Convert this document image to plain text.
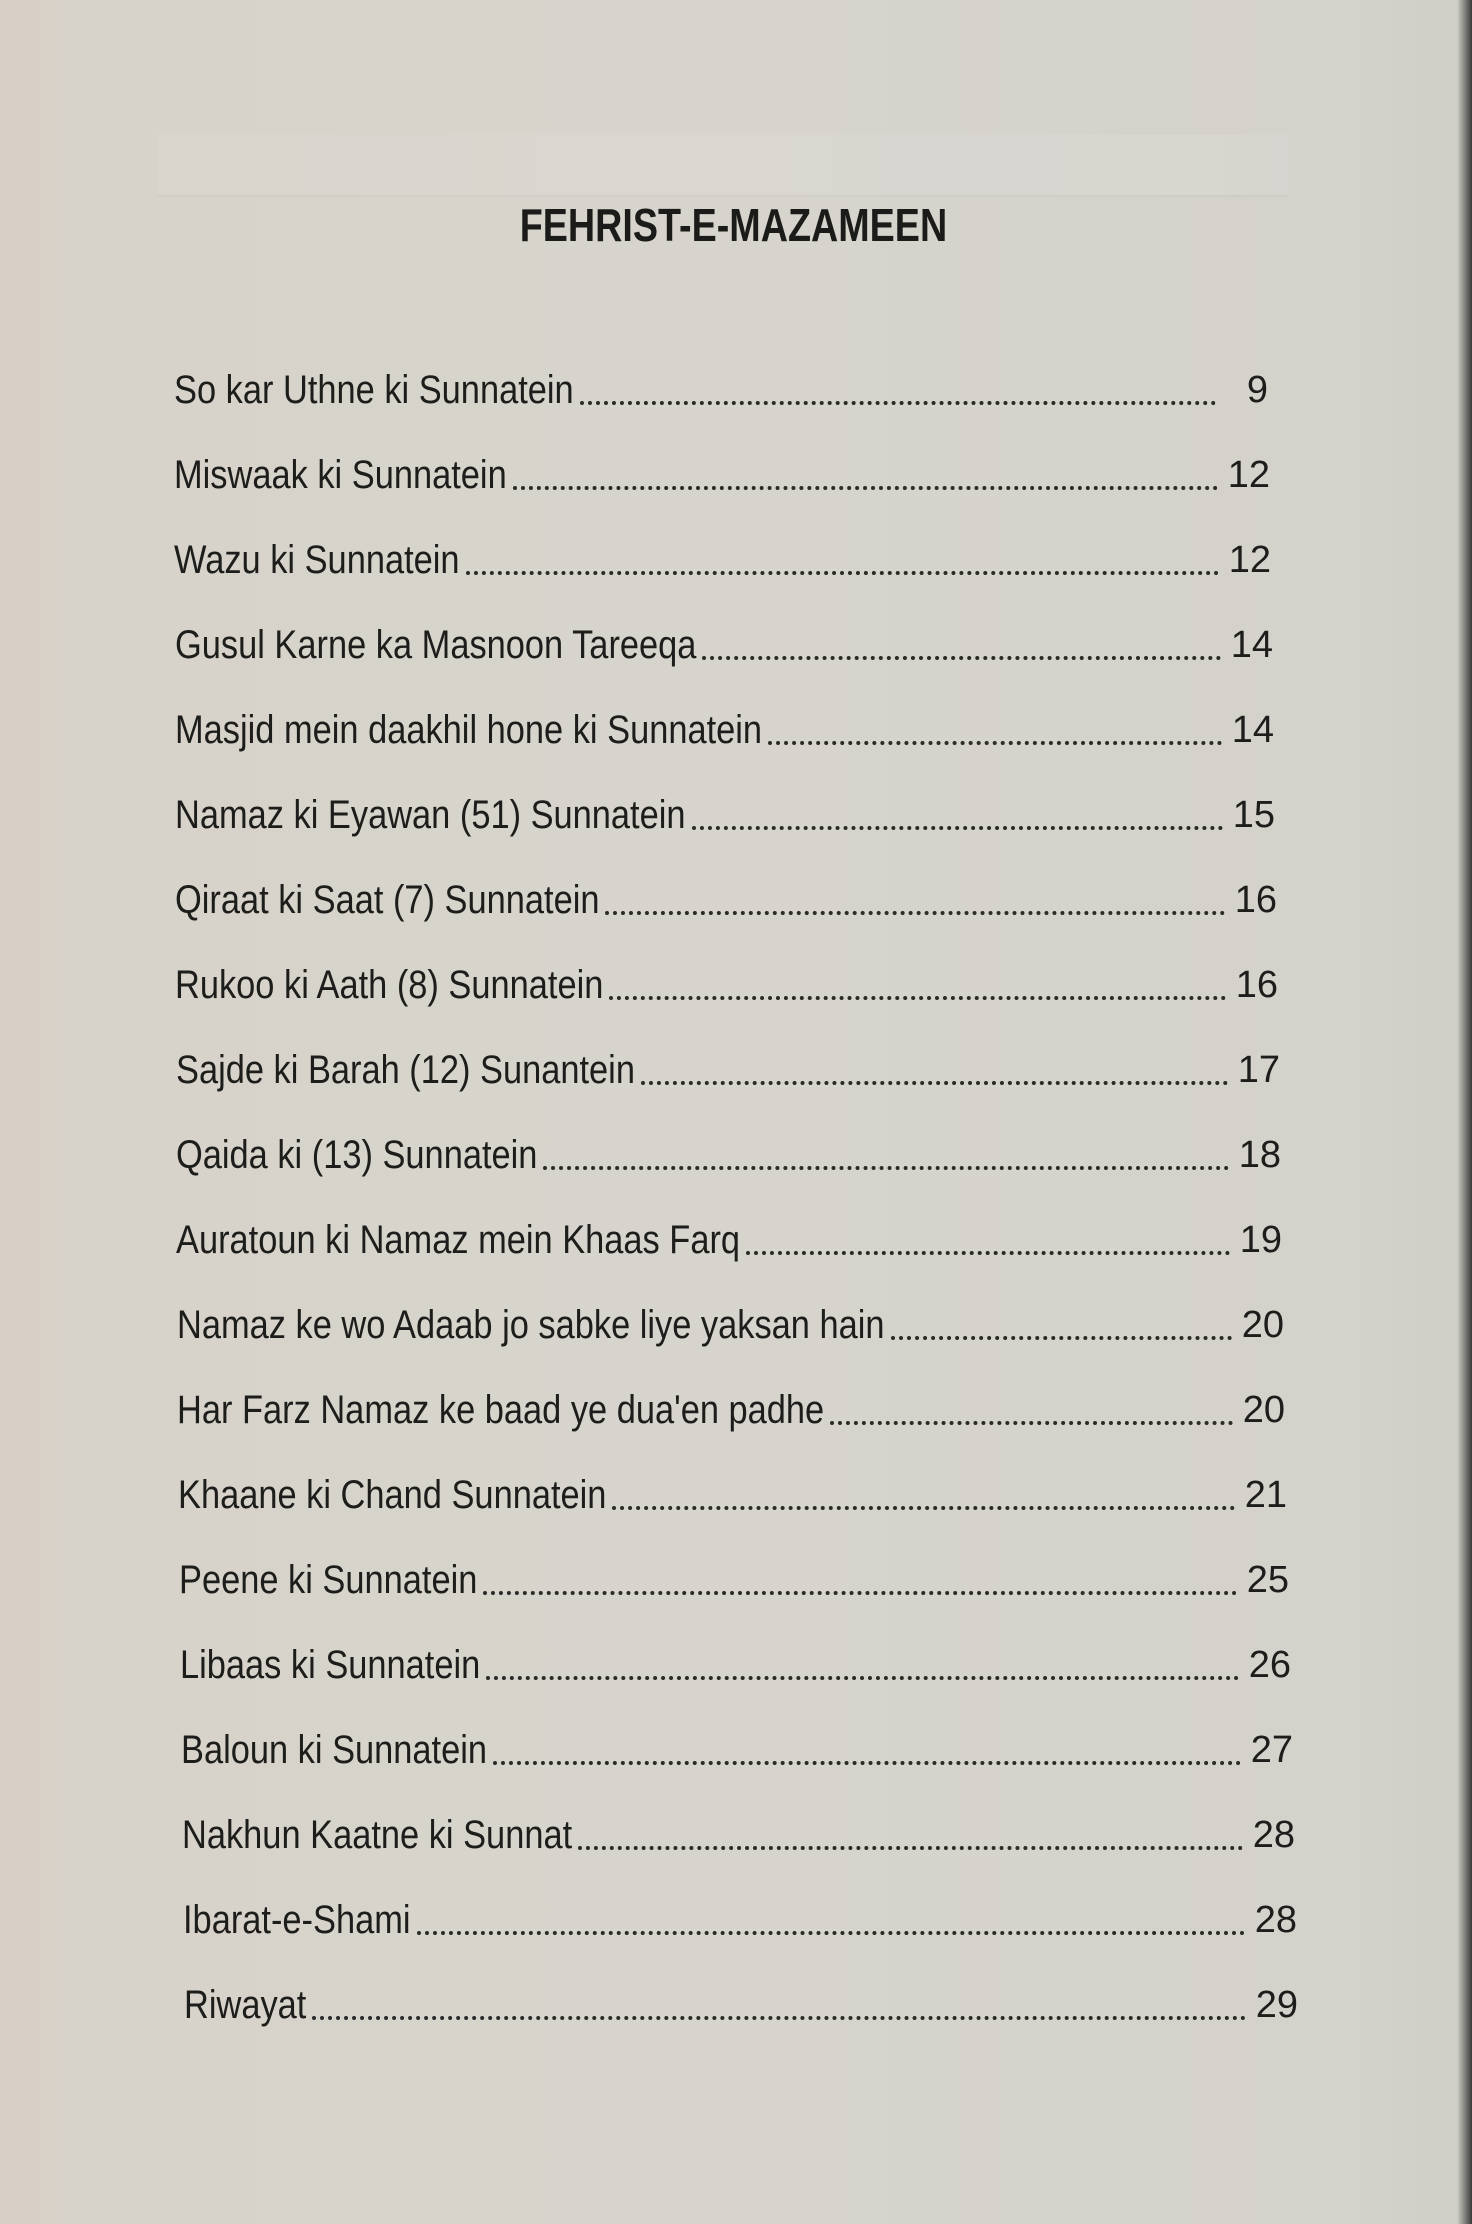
FEHRIST-E-MAZAMEEN
So kar Uthne ki Sunnatein	9
Miswaak ki Sunnatein	12
Wazu ki Sunnatein	12
Gusul Karne ka Masnoon Tareeqa	14
Masjid mein daakhil hone ki Sunnatein	14
Namaz ki Eyawan (51) Sunnatein	15
Qiraat ki Saat (7) Sunnatein	16
Rukoo ki Aath (8) Sunnatein	16
Sajde ki Barah (12) Sunantein	17
Qaida ki (13) Sunnatein	18
Auratoun ki Namaz mein Khaas Farq	19
Namaz ke wo Adaab jo sabke liye yaksan hain	20
Har Farz Namaz ke baad ye dua'en padhe	20
Khaane ki Chand Sunnatein	21
Peene ki Sunnatein	25
Libaas ki Sunnatein	26
Baloun ki Sunnatein	27
Nakhun Kaatne ki Sunnat	28
Ibarat-e-Shami	28
Riwayat	29
